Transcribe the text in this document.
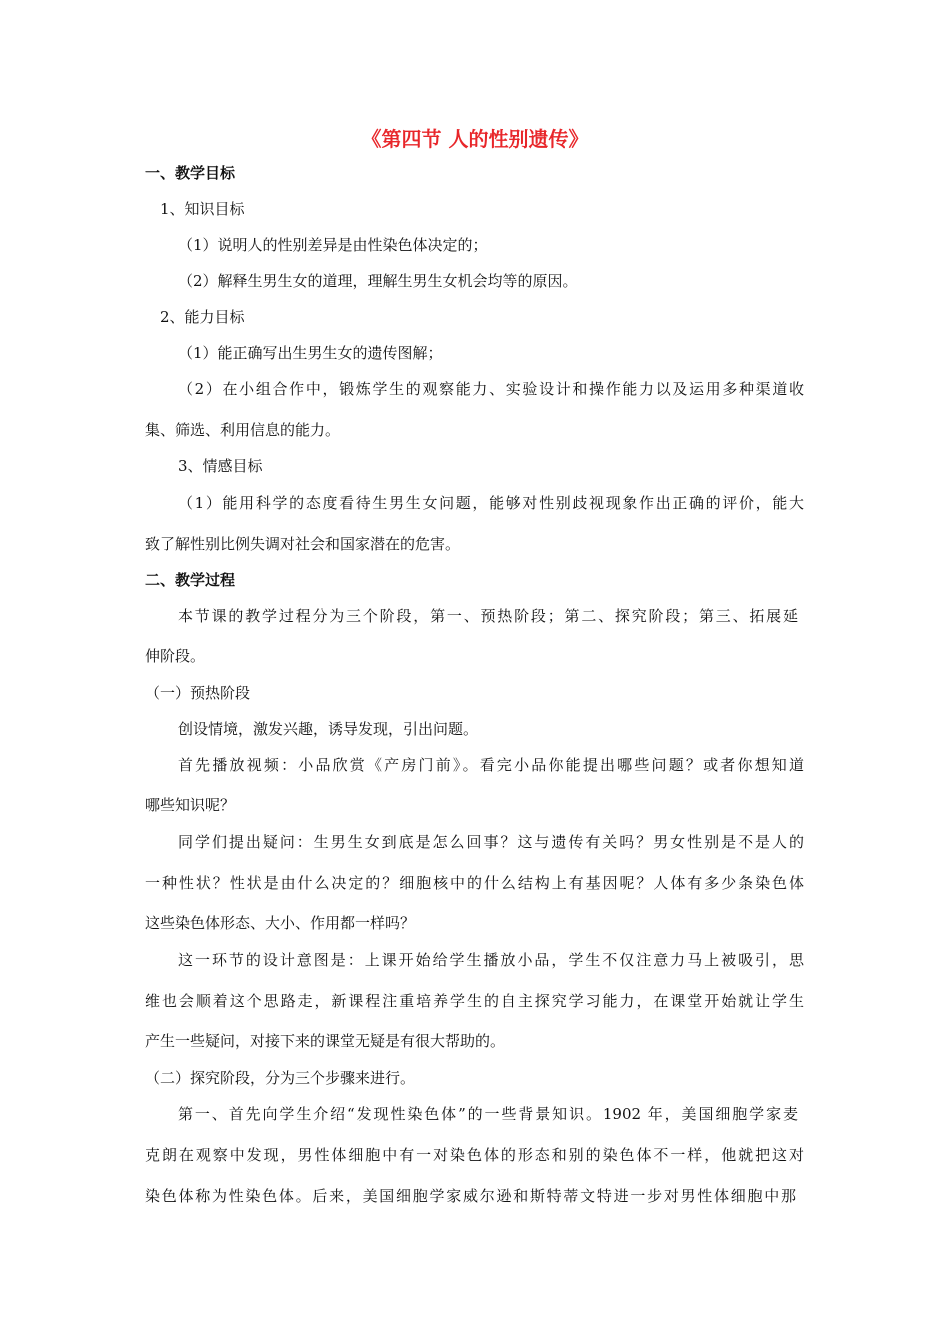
《第四节 人的性别遗传》
一、教学目标
1、知识目标
（1）说明人的性别差异是由性染色体决定的；
（2）解释生男生女的道理，理解生男生女机会均等的原因。
2、能力目标
（1）能正确写出生男生女的遗传图解；
（2）在小组合作中，锻炼学生的观察能力、实验设计和操作能力以及运用多种渠道收
集、筛选、利用信息的能力。
3、情感目标
（1）能用科学的态度看待生男生女问题，能够对性别歧视现象作出正确的评价，能大
致了解性别比例失调对社会和国家潜在的危害。
二、教学过程
本节课的教学过程分为三个阶段，第一、预热阶段；第二、探究阶段；第三、拓展延
伸阶段。
（一）预热阶段
创设情境，激发兴趣，诱导发现，引出问题。
首先播放视频：小品欣赏《产房门前》。看完小品你能提出哪些问题？或者你想知道
哪些知识呢？
同学们提出疑问：生男生女到底是怎么回事？这与遗传有关吗？男女性别是不是人的
一种性状？性状是由什么决定的？细胞核中的什么结构上有基因呢？人体有多少条染色体
这些染色体形态、大小、作用都一样吗？
这一环节的设计意图是：上课开始给学生播放小品，学生不仅注意力马上被吸引，思
维也会顺着这个思路走，新课程注重培养学生的自主探究学习能力，在课堂开始就让学生
产生一些疑问，对接下来的课堂无疑是有很大帮助的。
（二）探究阶段，分为三个步骤来进行。
第一、首先向学生介绍“发现性染色体”的一些背景知识。1902 年，美国细胞学家麦
克朗在观察中发现，男性体细胞中有一对染色体的形态和别的染色体不一样，他就把这对
染色体称为性染色体。后来，美国细胞学家威尔逊和斯特蒂文特进一步对男性体细胞中那
